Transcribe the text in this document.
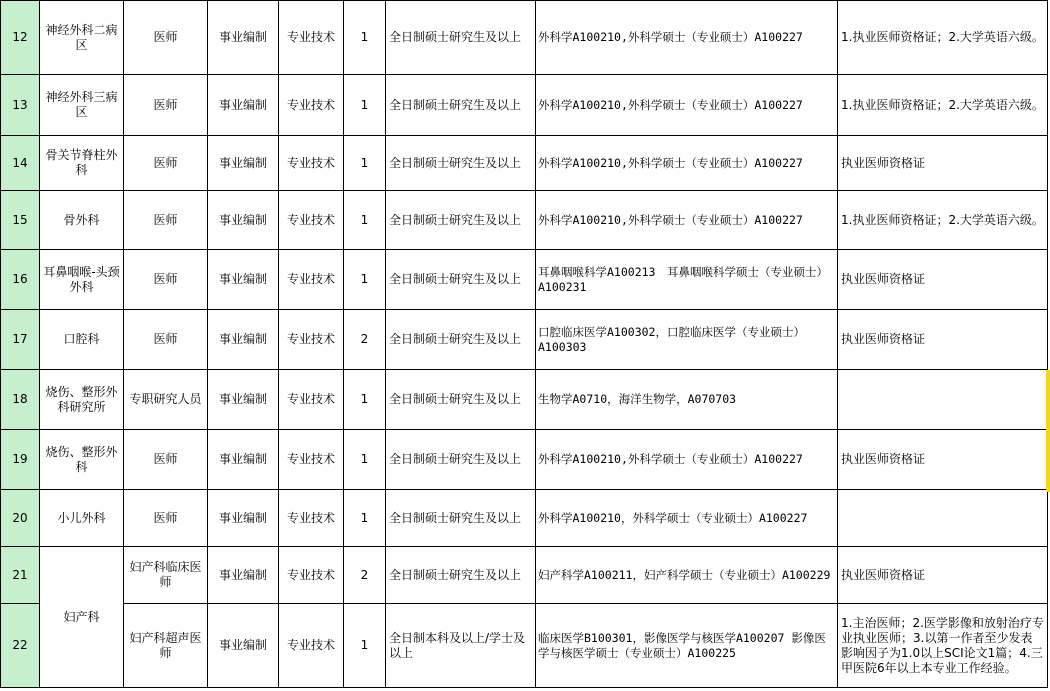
12	神经外科二病区	医师	事业编制	专业技术	1	全日制硕士研究生及以上	外科学A100210,外科学硕士（专业硕士）A100227	1.执业医师资格证；2.大学英语六级。
13	神经外科三病区	医师	事业编制	专业技术	1	全日制硕士研究生及以上	外科学A100210,外科学硕士（专业硕士）A100227	1.执业医师资格证；2.大学英语六级。
14	骨关节脊柱外科	医师	事业编制	专业技术	1	全日制硕士研究生及以上	外科学A100210,外科学硕士（专业硕士）A100227	执业医师资格证
15	骨外科	医师	事业编制	专业技术	1	全日制硕士研究生及以上	外科学A100210,外科学硕士（专业硕士）A100227	1.执业医师资格证；2.大学英语六级。
16	耳鼻咽喉-头颈外科	医师	事业编制	专业技术	1	全日制硕士研究生及以上	耳鼻咽喉科学A100213　耳鼻咽喉科学硕士（专业硕士）A100231	执业医师资格证
17	口腔科	医师	事业编制	专业技术	2	全日制硕士研究生及以上	口腔临床医学A100302，口腔临床医学（专业硕士）A100303	执业医师资格证
18	烧伤、整形外科研究所	专职研究人员	事业编制	专业技术	1	全日制硕士研究生及以上	生物学A0710，海洋生物学，A070703	
19	烧伤、整形外科	医师	事业编制	专业技术	1	全日制硕士研究生及以上	外科学A100210,外科学硕士（专业硕士）A100227	执业医师资格证
20	小儿外科	医师	事业编制	专业技术	1	全日制硕士研究生及以上	外科学A100210，外科学硕士（专业硕士）A100227	
21	妇产科	妇产科临床医师	事业编制	专业技术	2	全日制硕士研究生及以上	妇产科学A100211，妇产科学硕士（专业硕士）A100229	执业医师资格证
22		妇产科超声医师	事业编制	专业技术	1	全日制本科及以上/学士及以上	临床医学B100301，影像医学与核医学A100207 影像医学与核医学硕士（专业硕士）A100225	1.主治医师；2.医学影像和放射治疗专业执业医师；3.以第一作者至少发表影响因子为1.0以上SCI论文1篇；4.三甲医院6年以上本专业工作经验。
